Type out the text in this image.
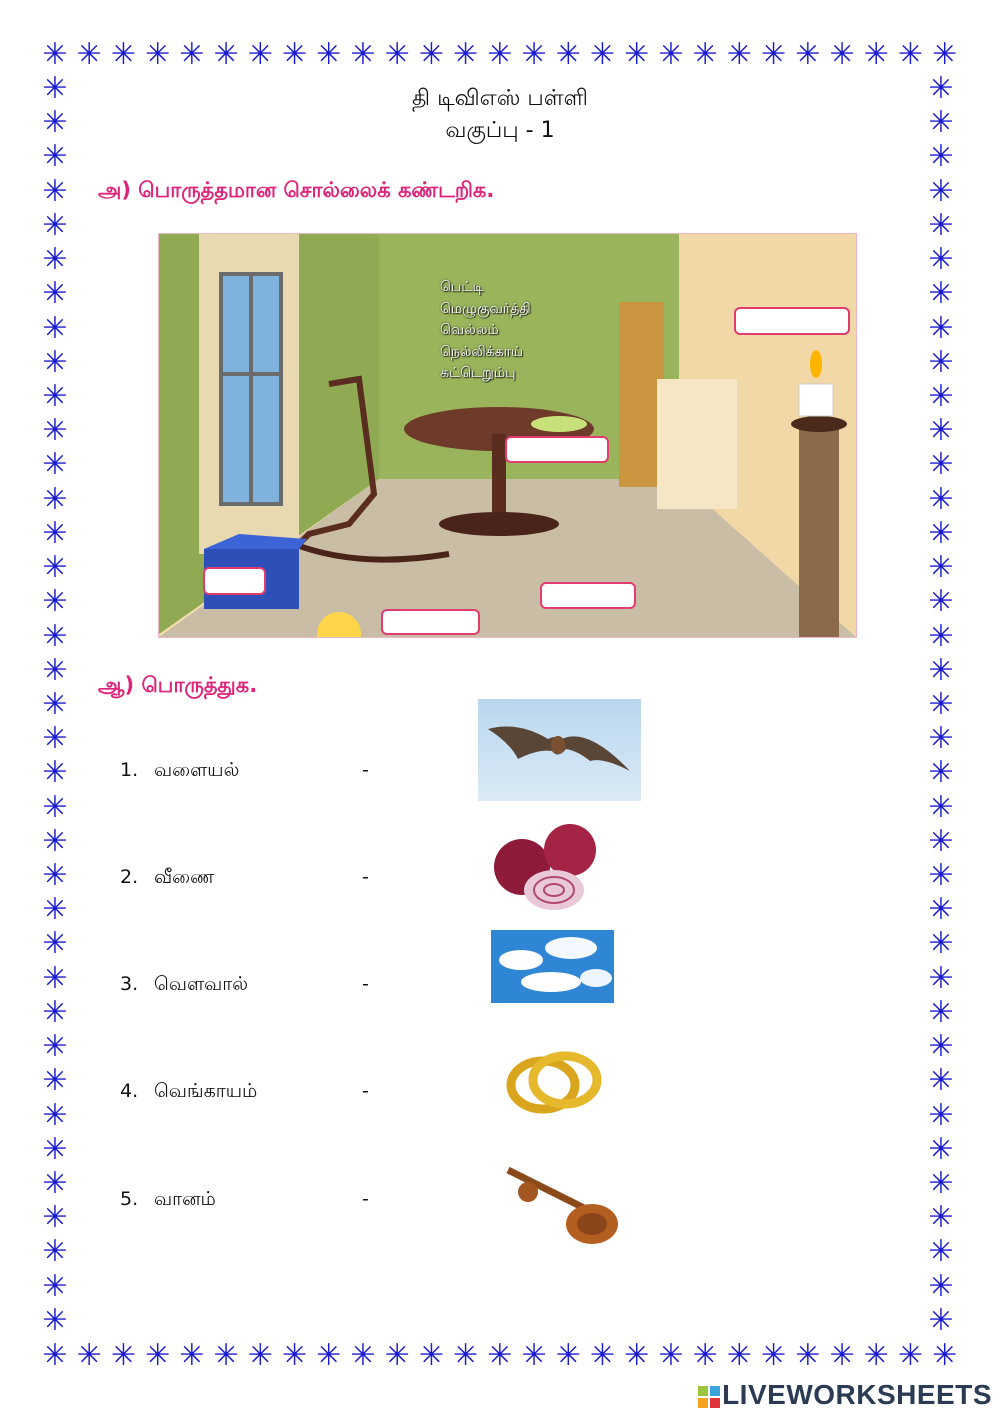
✳ ✳ ✳ ✳ ✳ ✳ ✳ ✳ ✳ ✳ ✳ ✳ ✳ ✳ ✳ ✳ ✳ ✳ ✳ ✳ ✳ ✳ ✳ ✳ ✳ ✳ ✳
✳ ✳ ✳ ✳ ✳ ✳ ✳ ✳ ✳ ✳ ✳ ✳ ✳ ✳ ✳ ✳ ✳ ✳ ✳ ✳ ✳ ✳ ✳ ✳ ✳ ✳ ✳
✳
✳
✳
✳
✳
✳
✳
✳
✳
✳
✳
✳
✳
✳
✳
✳
✳
✳
✳
✳
✳
✳
✳
✳
✳
✳
✳
✳
✳
✳
✳
✳
✳
✳
✳
✳
✳
✳
✳
✳
✳
✳
✳
✳
✳
✳
✳
✳
✳
✳
✳
✳
✳
✳
✳
✳
✳
✳
✳
✳
✳
✳
✳
✳
✳
✳
✳
✳
✳
✳
✳
✳
✳
✳
தி டிவிஎஸ் பள்ளி
வகுப்பு - 1
அ) பொருத்தமான சொல்லைக் கண்டறிக.
பெட்டி
மெழுகுவர்த்தி
வெல்லம்
நெல்லிக்காய்
கட்டெறும்பு
ஆ) பொருத்துக.
1. வளையல்	-
2. வீணை	-
3. வௌவால்	-
4. வெங்காயம்	-
5. வானம்	-
LIVEWORKSHEETS
